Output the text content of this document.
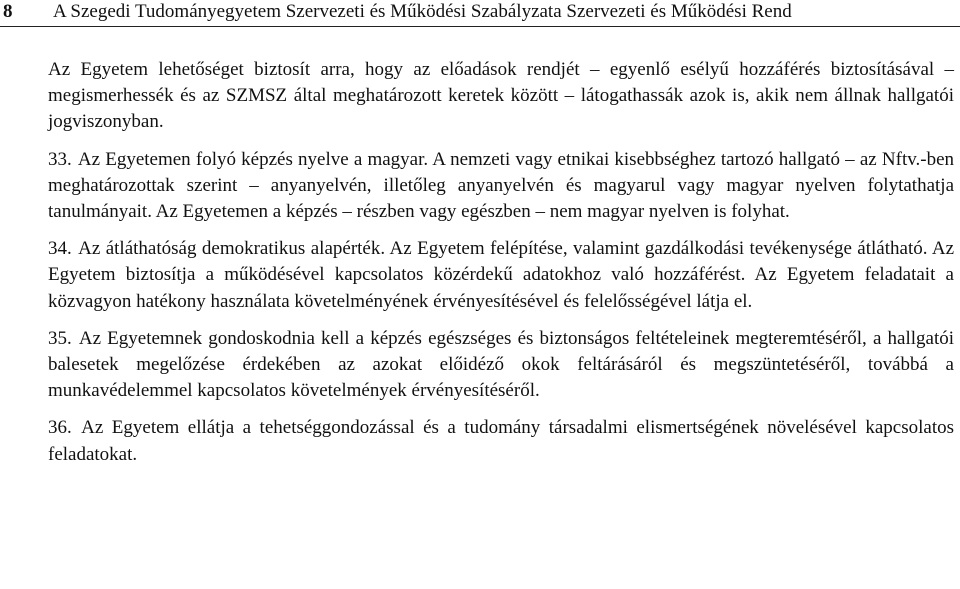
8 A Szegedi Tudományegyetem Szervezeti és Működési Szabályzata Szervezeti és Működési Rend

Az Egyetem lehetőséget biztosít arra, hogy az előadások rendjét – egyenlő esélyű hozzáférés biztosításával – megismerhessék és az SZMSZ által meghatározott keretek között – látogathassák azok is, akik nem állnak hallgatói jogviszonyban.

33. Az Egyetemen folyó képzés nyelve a magyar. A nemzeti vagy etnikai kisebbséghez tartozó hallgató – az Nftv.-ben meghatározottak szerint – anyanyelvén, illetőleg anyanyelvén és magyarul vagy magyar nyelven folytathatja tanulmányait. Az Egyetemen a képzés – részben vagy egészben – nem magyar nyelven is folyhat.

34. Az átláthatóság demokratikus alapérték. Az Egyetem felépítése, valamint gazdálkodási tevékenysége átlátható. Az Egyetem biztosítja a működésével kapcsolatos közérdekű adatokhoz való hozzáférést. Az Egyetem feladatait a közvagyon hatékony használata követelményének érvényesítésével és felelősségével látja el.

35. Az Egyetemnek gondoskodnia kell a képzés egészséges és biztonságos feltételeinek megteremtéséről, a hallgatói balesetek megelőzése érdekében az azokat előidéző okok feltárásáról és megszüntetéséről, továbbá a munkavédelemmel kapcsolatos követelmények érvényesítéséről.

36. Az Egyetem ellátja a tehetséggondozással és a tudomány társadalmi elismertségének növelésével kapcsolatos feladatokat.
